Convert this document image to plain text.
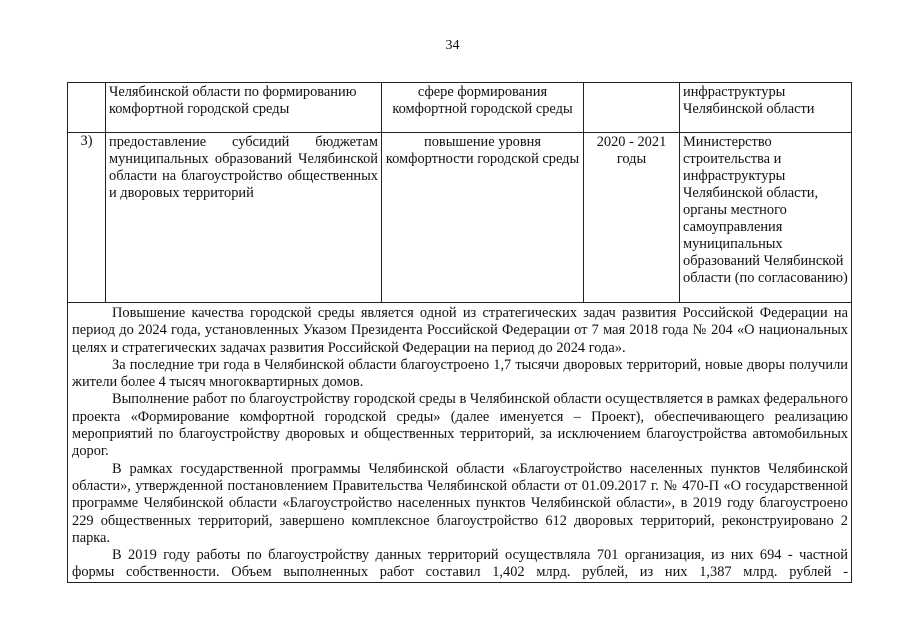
34
	Челябинской области по формированию комфортной городской среды	сфере формирования комфортной городской среды		инфраструктуры Челябинской области
3)	предоставление субсидий бюджетам муниципальных образований Челябинской области на благоустройство общественных и дворовых территорий	повышение уровня комфортности городской среды	2020 - 2021 годы	Министерство строительства и инфраструктуры Челябинской области, органы местного самоуправления муниципальных образований Челябинской области (по согласованию)

Повышение качества городской среды является одной из стратегических задач развития Российской Федерации на период до 2024 года, установленных Указом Президента Российской Федерации от 7 мая 2018 года № 204 «О национальных целях и стратегических задачах развития Российской Федерации на период до 2024 года».

За последние три года в Челябинской области благоустроено 1,7 тысячи дворовых территорий, новые дворы получили жители более 4 тысяч многоквартирных домов.

Выполнение работ по благоустройству городской среды в Челябинской области осуществляется в рамках федерального проекта «Формирование комфортной городской среды» (далее именуется – Проект), обеспечивающего реализацию мероприятий по благоустройству дворовых и общественных территорий, за исключением благоустройства автомобильных дорог.

В рамках государственной программы Челябинской области «Благоустройство населенных пунктов Челябинской области», утвержденной постановлением Правительства Челябинской области от 01.09.2017 г. № 470-П «О государственной программе Челябинской области «Благоустройство населенных пунктов Челябинской области», в 2019 году благоустроено 229 общественных территорий, завершено комплексное благоустройство 612 дворовых территорий, реконструировано 2 парка.

В 2019 году работы по благоустройству данных территорий осуществляла 701 организация, из них 694 - частной формы собственности. Объем выполненных работ составил 1,402 млрд. рублей, из них 1,387 млрд. рублей -				
